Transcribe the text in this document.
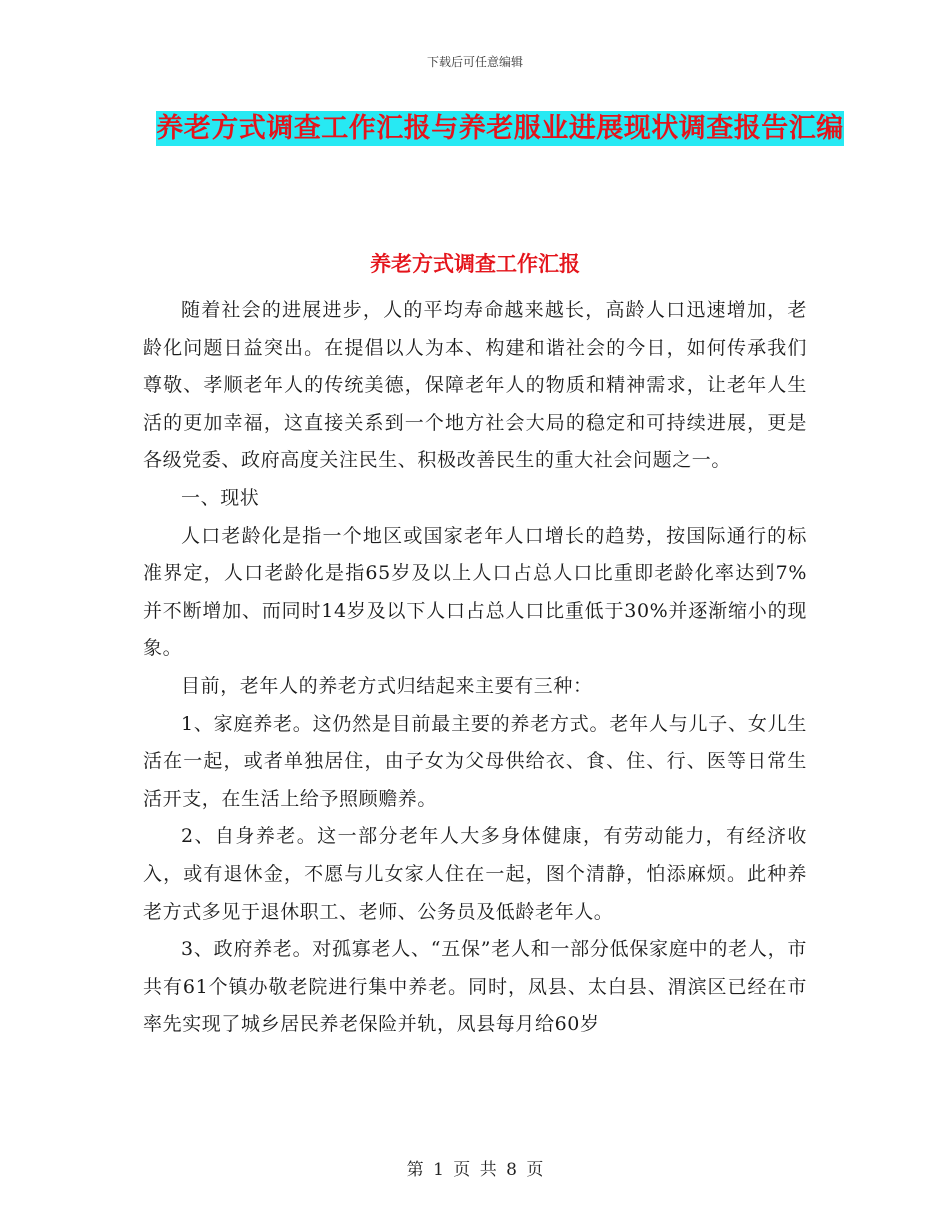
下载后可任意编辑
养老方式调查工作汇报与养老服业进展现状调查报告汇编
养老方式调查工作汇报

随着社会的进展进步，人的平均寿命越来越长，高龄人口迅速增加，老龄化问题日益突出。在提倡以人为本、构建和谐社会的今日，如何传承我们尊敬、孝顺老年人的传统美德，保障老年人的物质和精神需求，让老年人生活的更加幸福，这直接关系到一个地方社会大局的稳定和可持续进展，更是各级党委、政府高度关注民生、积极改善民生的重大社会问题之一。

一、现状

人口老龄化是指一个地区或国家老年人口增长的趋势，按国际通行的标准界定，人口老龄化是指65岁及以上人口占总人口比重即老龄化率达到7%并不断增加、而同时14岁及以下人口占总人口比重低于30%并逐渐缩小的现象。

目前，老年人的养老方式归结起来主要有三种：

1、家庭养老。这仍然是目前最主要的养老方式。老年人与儿子、女儿生活在一起，或者单独居住，由子女为父母供给衣、食、住、行、医等日常生活开支，在生活上给予照顾赡养。

2、自身养老。这一部分老年人大多身体健康，有劳动能力，有经济收入，或有退休金，不愿与儿女家人住在一起，图个清静，怕添麻烦。此种养老方式多见于退休职工、老师、公务员及低龄老年人。

3、政府养老。对孤寡老人、“五保”老人和一部分低保家庭中的老人，市共有61个镇办敬老院进行集中养老。同时，凤县、太白县、渭滨区已经在市率先实现了城乡居民养老保险并轨，凤县每月给60岁

第 1 页 共 8 页
